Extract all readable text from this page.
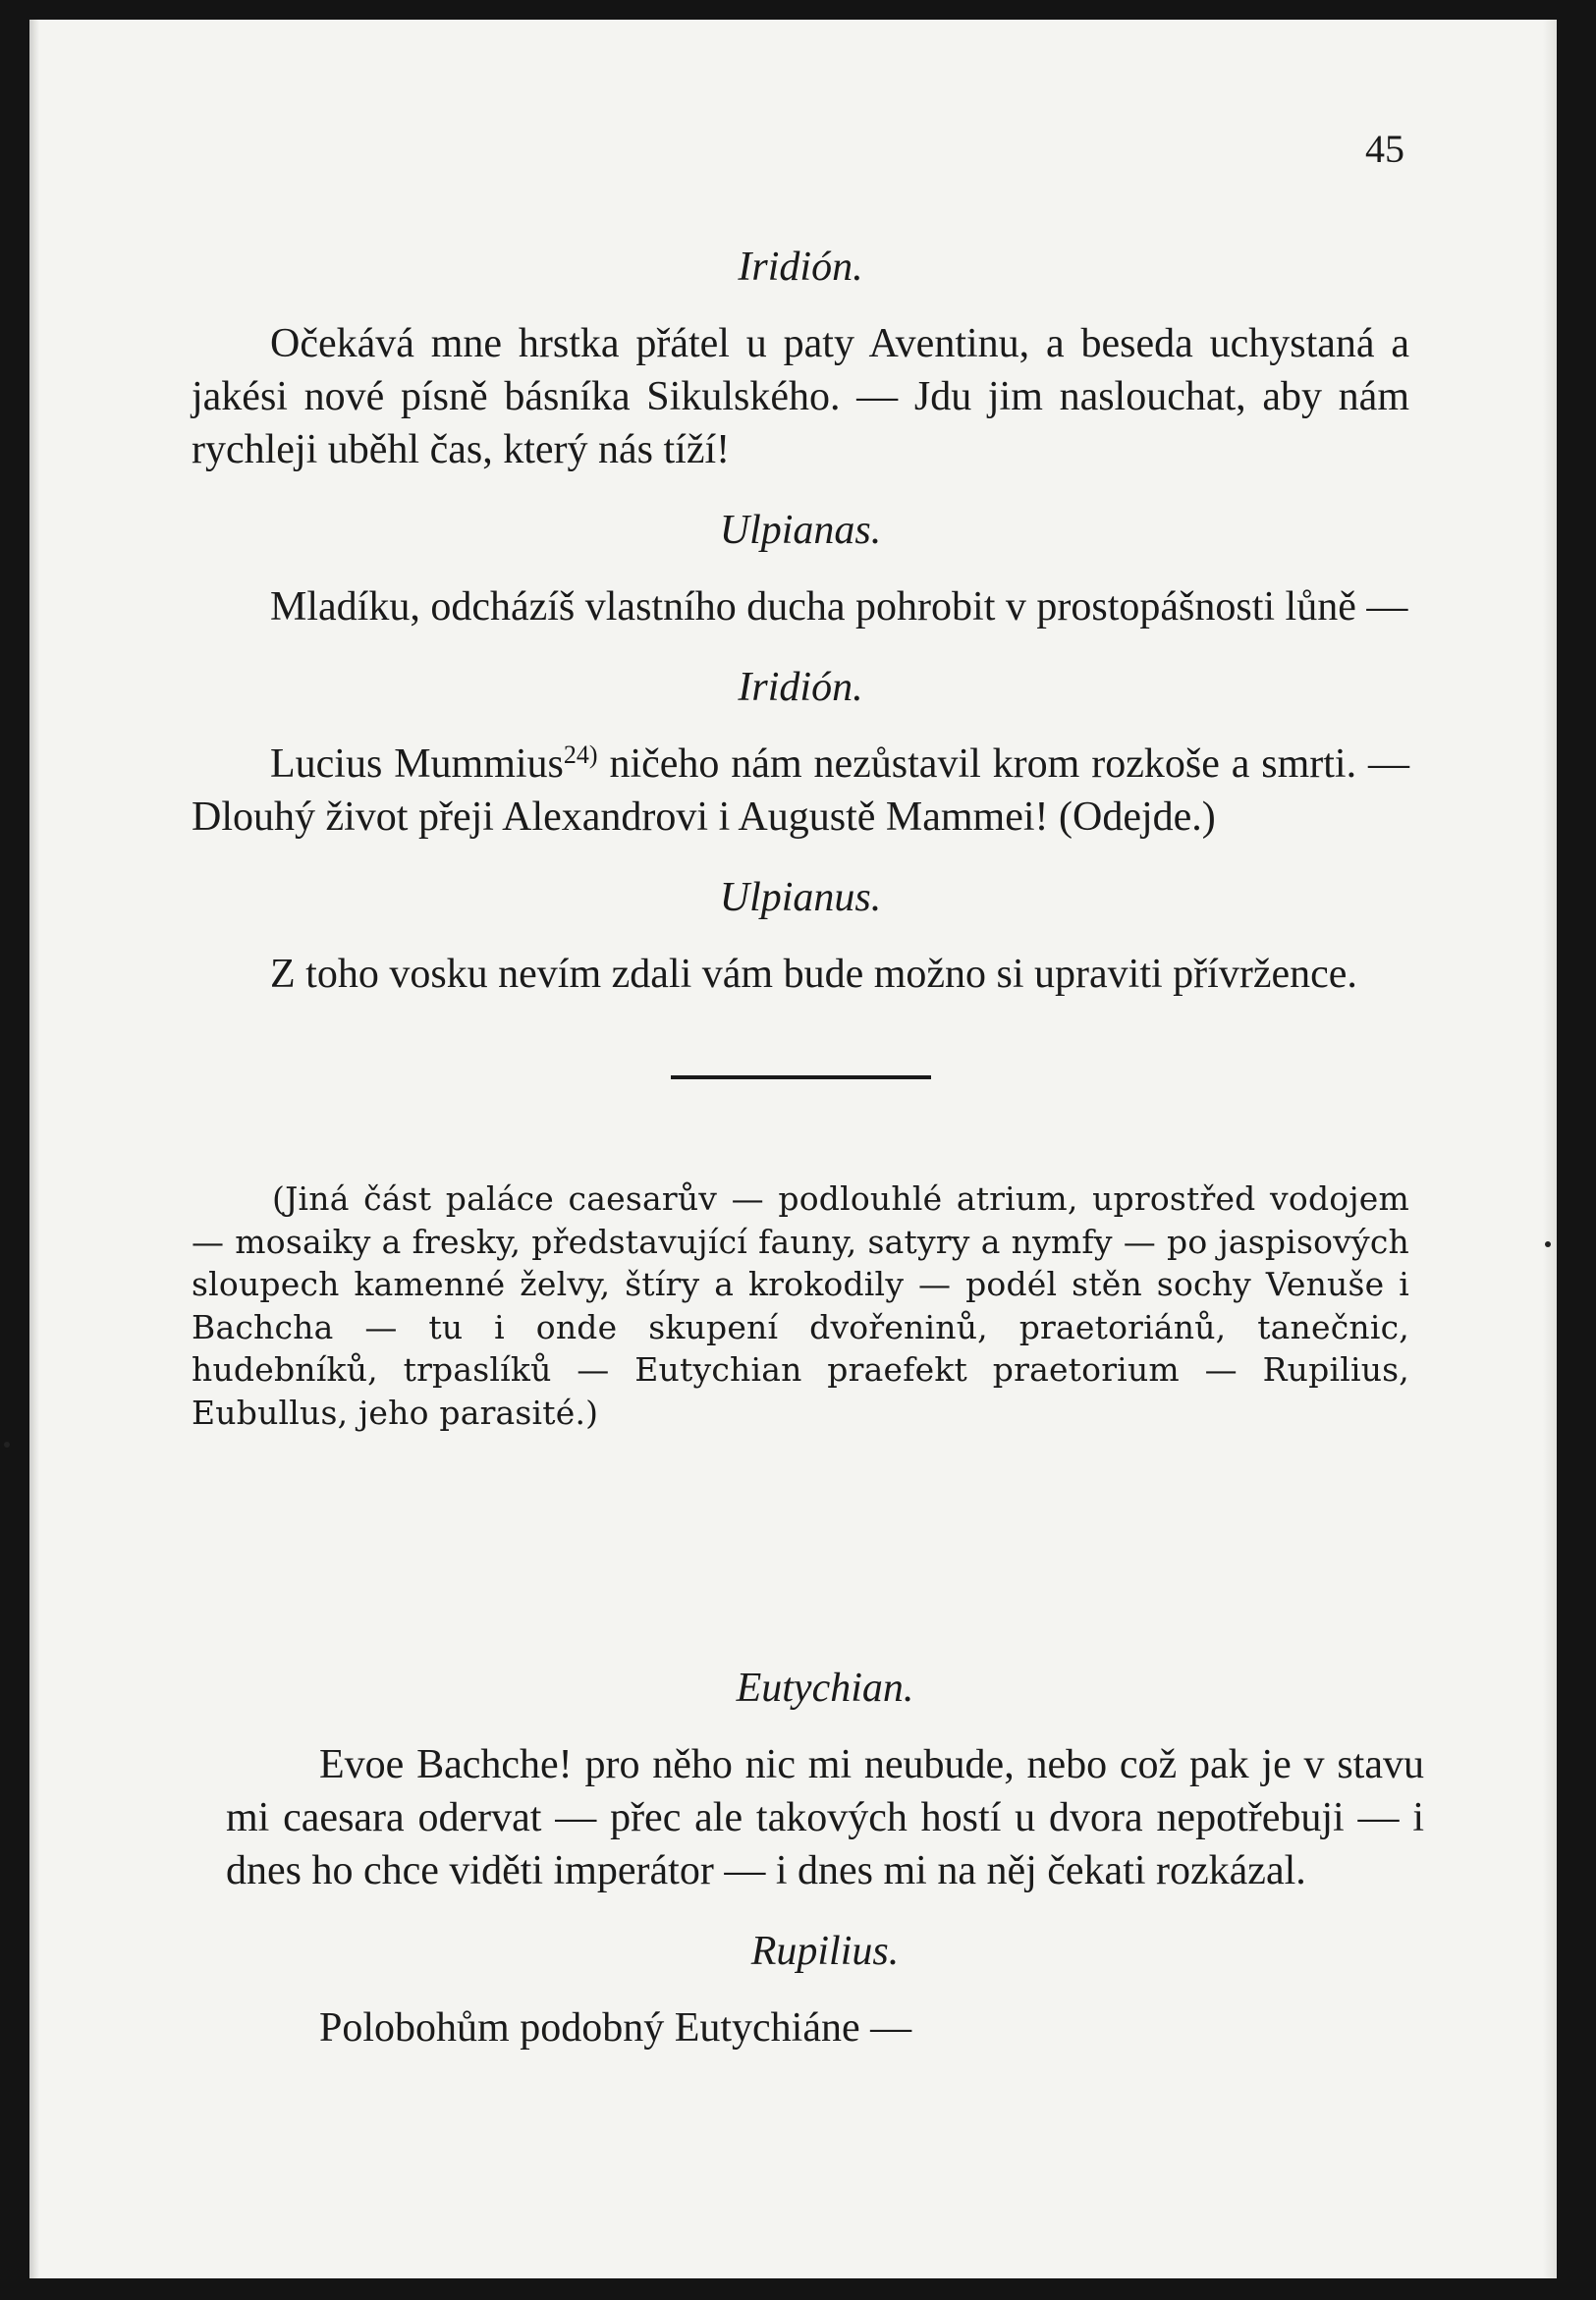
45

Iridión.

Očekává mne hrstka přátel u paty Aventinu, a beseda uchystaná a jakési nové písně básníka Sikulského. — Jdu jim naslouchat, aby nám rychleji uběhl čas, který nás tíží!

Ulpianas.

Mladíku, odcházíš vlastního ducha pohrobit v prostopášnosti lůně —

Iridión.

Lucius Mummius$^{24)}$ ničeho nám nezůstavil krom rozkoše a smrti. — Dlouhý život přeji Alexandrovi i Augustě Mammei! (Odejde.)

Ulpianus.

Z toho vosku nevím zdali vám bude možno si upraviti přívržence.

(Jiná část paláce caesarův — podlouhlé atrium, uprostřed vodojem — mosaiky a fresky, představující fauny, satyry a nymfy — po jaspisových sloupech kamenné želvy, štíry a krokodily — podél stěn sochy Venuše i Bachcha — tu i onde skupení dvořeninů, praetoriánů, tanečnic, hudebníků, trpaslíků — Eutychian praefekt praetorium — Rupilius, Eubullus, jeho parasité.)

Eutychian.

Evoe Bachche! pro něho nic mi neubude, nebo což pak je v stavu mi caesara odervat — přec ale takových hostí u dvora nepotřebuji — i dnes ho chce viděti imperátor — i dnes mi na něj čekati rozkázal.

Rupilius.

Polobohům podobný Eutychiáne —
